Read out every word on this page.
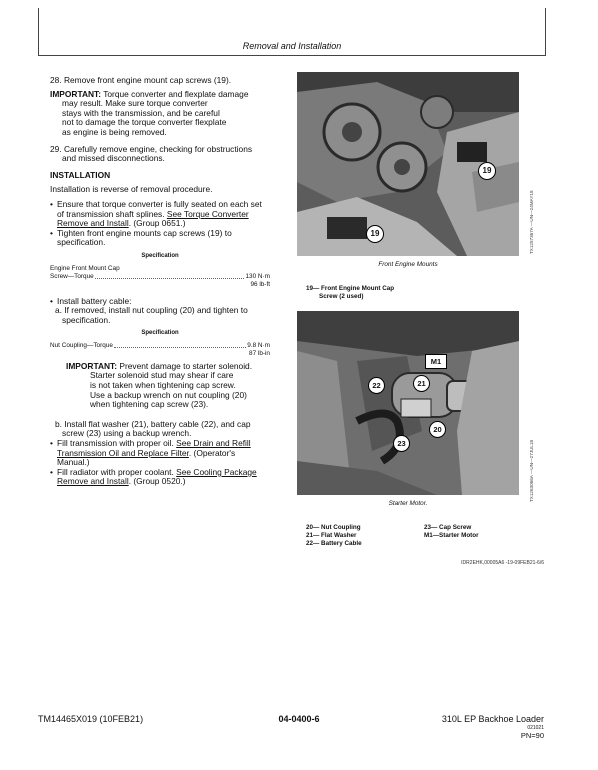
Removal and Installation

28. Remove front engine mount cap screws (19).

IMPORTANT: Torque converter and flexplate damage

may result. Make sure torque converter

stays with the transmission, and be careful

not to damage the torque converter flexplate

as engine is being removed.

29. Carefully remove engine, checking for obstructions

and missed disconnections.

INSTALLATION

Installation is reverse of removal procedure.

• Ensure that torque converter is fully seated on each set

of transmission shaft splines. See Torque Converter

Remove and Install. (Group 0651.)

• Tighten front engine mounts cap screws (19) to

specification.

Specification
Engine Front Mount Cap
Screw—Torque	130 N·m
96 lb-ft
• Install battery cable:

a. If removed, install nut coupling (20) and tighten to

specification.

Specification
Nut Coupling—Torque	9.8 N·m
87 lb-in

IMPORTANT: Prevent damage to starter solenoid.

Starter solenoid stud may shear if care

is not taken when tightening cap screw.

Use a backup wrench on nut coupling (20)

when tightening cap screw (23).

b. Install flat washer (21), battery cable (22), and cap

screw (23) using a backup wrench.

• Fill transmission with proper oil. See Drain and Refill

Transmission Oil and Replace Filter. (Operator's

Manual.)

• Fill radiator with proper coolant. See Cooling Package

Remove and Install. (Group 0520.)

19
19	TX1257367A —UN—24MAY18
Front Engine Mounts
19— Front Engine Mount Cap
Screw (2 used)
M1
21
22
23
20
TX1263066A —UN—27JUL18
Starter Motor.
20— Nut Coupling
21— Flat Washer
22— Battery Cable
23— Cap Screw
M1—Starter Motor
IDR2EHK,00005A6 -19-09FEB21-6/6
TM14465X019 (10FEB21)	04-0400-6	310L EP Backhoe Loader
021021
PN=90
